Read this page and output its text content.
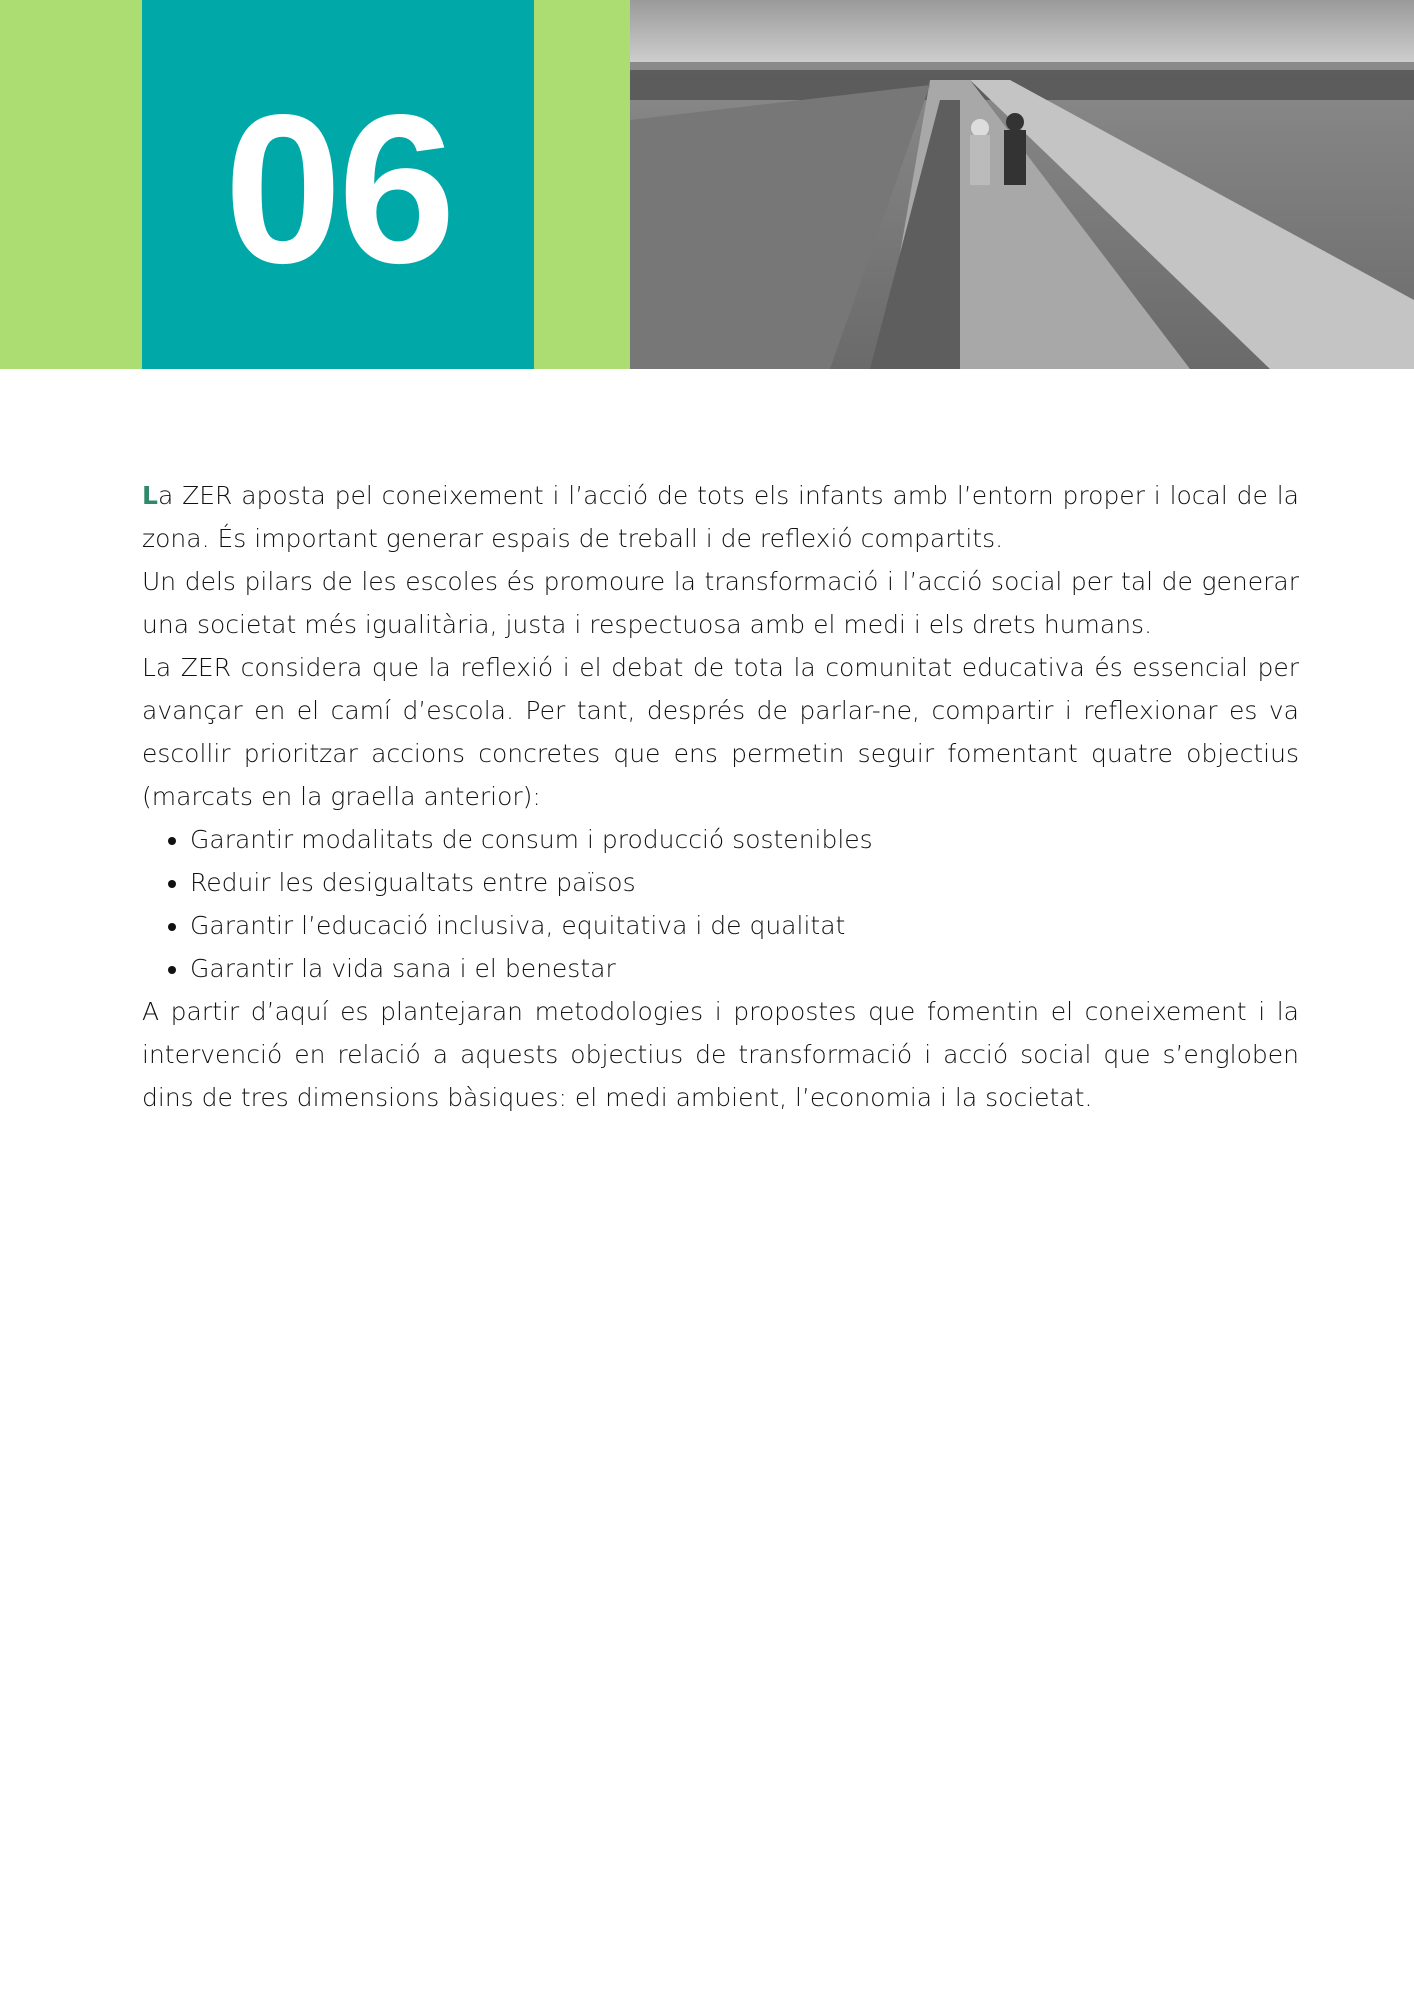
06

La ZER aposta pel coneixement i l’acció de tots els infants amb l’entorn proper i local de la zona. És important generar espais de treball i de reflexió compartits.

Un dels pilars de les escoles és promoure la transformació i l’acció social per tal de generar una societat més igualitària, justa i respectuosa amb el medi i els drets humans.

La ZER considera que la reflexió i el debat de tota la comunitat educativa és essencial per avançar en el camí d’escola. Per tant, després de parlar-ne, compartir i reflexionar es va escollir prioritzar accions concretes que ens permetin seguir fomentant quatre objectius (marcats en la graella anterior):

• Garantir modalitats de consum i producció sostenibles
• Reduir les desigualtats entre països
• Garantir l’educació inclusiva, equitativa i de qualitat
• Garantir la vida sana i el benestar

A partir d’aquí es plantejaran metodologies i propostes que fomentin el coneixement i la intervenció en relació a aquests objectius de transformació i acció social que s’engloben dins de tres dimensions bàsiques: el medi ambient, l’economia i la societat.
